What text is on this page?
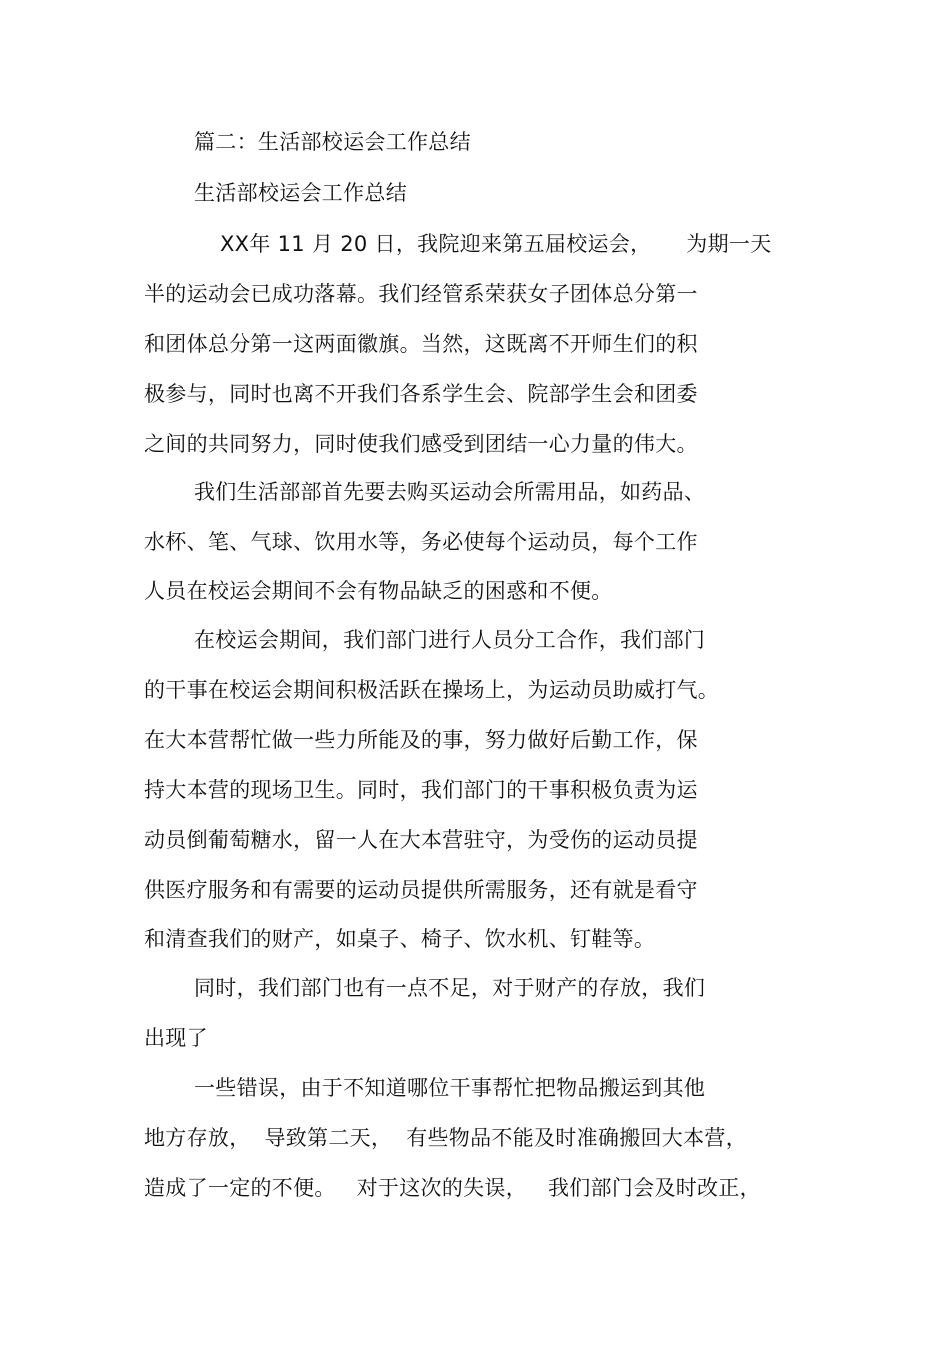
篇二：生活部校运会工作总结
生活部校运会工作总结
XX年 11 月 20 日，我院迎来第五届校运会，     为期一天
半的运动会已成功落幕。我们经管系荣获女子团体总分第一
和团体总分第一这两面徽旗。当然，这既离不开师生们的积
极参与，同时也离不开我们各系学生会、院部学生会和团委
之间的共同努力，同时使我们感受到团结一心力量的伟大。
我们生活部部首先要去购买运动会所需用品，如药品、
水杯、笔、气球、饮用水等，务必使每个运动员，每个工作
人员在校运会期间不会有物品缺乏的困惑和不便。
在校运会期间，我们部门进行人员分工合作，我们部门
的干事在校运会期间积极活跃在操场上，为运动员助威打气。
在大本营帮忙做一些力所能及的事，努力做好后勤工作，保
持大本营的现场卫生。同时，我们部门的干事积极负责为运
动员倒葡萄糖水，留一人在大本营驻守，为受伤的运动员提
供医疗服务和有需要的运动员提供所需服务，还有就是看守
和清查我们的财产，如桌子、椅子、饮水机、钉鞋等。
同时，我们部门也有一点不足，对于财产的存放，我们
出现了
一些错误，由于不知道哪位干事帮忙把物品搬运到其他
地方存放，  导致第二天，  有些物品不能及时准确搬回大本营，
造成了一定的不便。   对于这次的失误，   我们部门会及时改正，
